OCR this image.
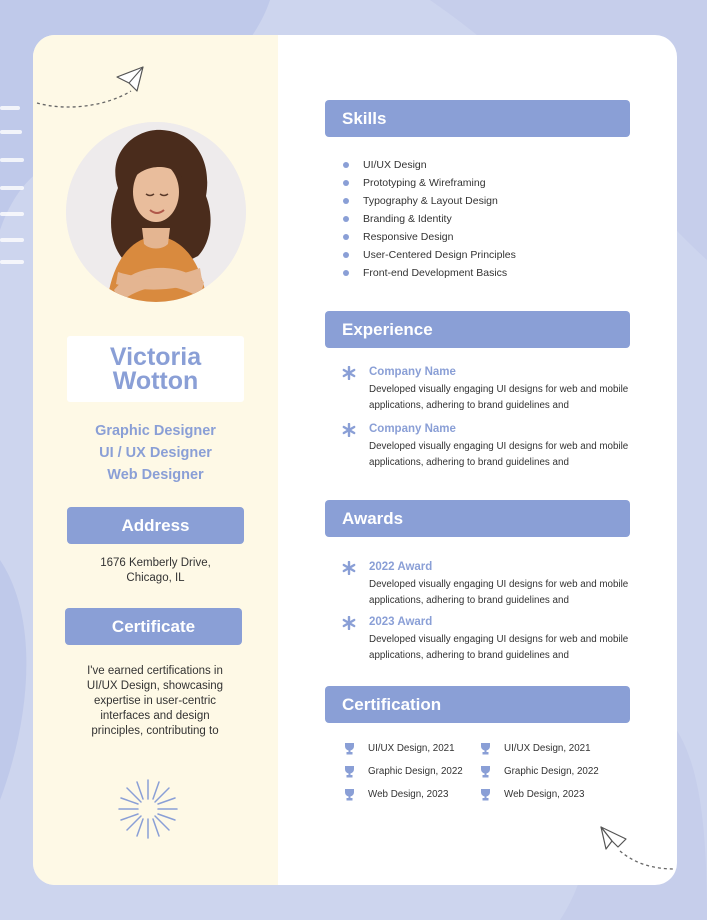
Victoria
Wotton
Graphic Designer
UI / UX Designer
Web Designer
Address
1676 Kemberly Drive,
Chicago, IL
Certificate
I've earned certifications in UI/UX Design, showcasing expertise in user-centric interfaces and design principles, contributing to
Skills
UI/UX Design
Prototyping & Wireframing
Typography & Layout Design
Branding & Identity
Responsive Design
User-Centered Design Principles
Front-end Development Basics
Experience
Company Name
Developed visually engaging UI designs for web and mobile applications, adhering to brand guidelines and
Company Name
Developed visually engaging UI designs for web and mobile applications, adhering to brand guidelines and
Awards
2022 Award
Developed visually engaging UI designs for web and mobile applications, adhering to brand guidelines and
2023 Award
Developed visually engaging UI designs for web and mobile applications, adhering to brand guidelines and
Certification
UI/UX Design, 2021
Graphic Design, 2022
Web Design, 2023
UI/UX Design, 2021
Graphic Design, 2022
Web Design, 2023
